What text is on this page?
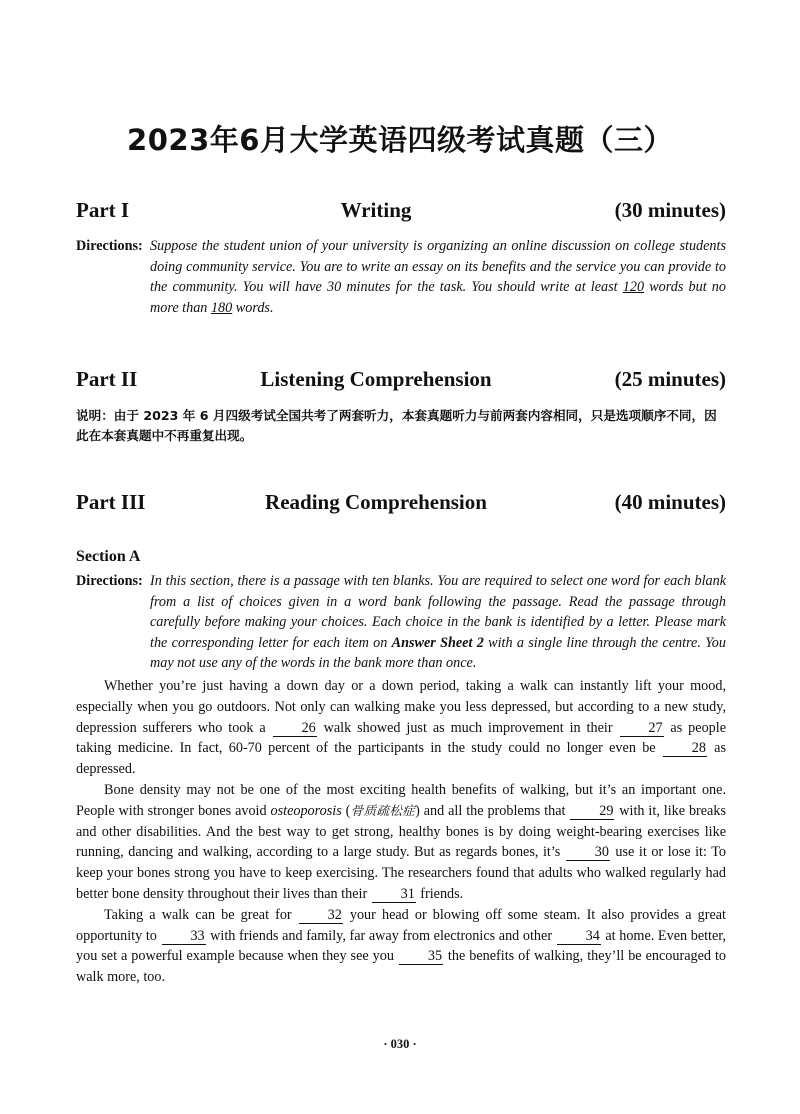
2023年6月大学英语四级考试真题（三）
Part I	Writing	(30 minutes)
Directions: Suppose the student union of your university is organizing an online discussion on college students doing community service. You are to write an essay on its benefits and the service you can provide to the community. You will have 30 minutes for the task. You should write at least 120 words but no more than 180 words.
Part II	Listening Comprehension	(25 minutes)
说明：由于 2023 年 6 月四级考试全国共考了两套听力，本套真题听力与前两套内容相同，只是选项顺序不同，因此在本套真题中不再重复出现。
Part III	Reading Comprehension	(40 minutes)
Section A
Directions: In this section, there is a passage with ten blanks. You are required to select one word for each blank from a list of choices given in a word bank following the passage. Read the passage through carefully before making your choices. Each choice in the bank is identified by a letter. Please mark the corresponding letter for each item on Answer Sheet 2 with a single line through the centre. You may not use any of the words in the bank more than once.

Whether you’re just having a down day or a down period, taking a walk can instantly lift your mood, especially when you go outdoors. Not only can walking make you less depressed, but according to a new study, depression sufferers who took a 26 walk showed just as much improvement in their 27 as people taking medicine. In fact, 60-70 percent of the participants in the study could no longer even be 28 as depressed.

Bone density may not be one of the most exciting health benefits of walking, but it’s an important one. People with stronger bones avoid osteoporosis (骨质疏松症) and all the problems that 29 with it, like breaks and other disabilities. And the best way to get strong, healthy bones is by doing weight-bearing exercises like running, dancing and walking, according to a large study. But as regards bones, it’s 30 use it or lose it: To keep your bones strong you have to keep exercising. The researchers found that adults who walked regularly had better bone density throughout their lives than their 31 friends.

Taking a walk can be great for 32 your head or blowing off some steam. It also provides a great opportunity to 33 with friends and family, far away from electronics and other 34 at home. Even better, you set a powerful example because when they see you 35 the benefits of walking, they’ll be encouraged to walk more, too.

· 030 ·
